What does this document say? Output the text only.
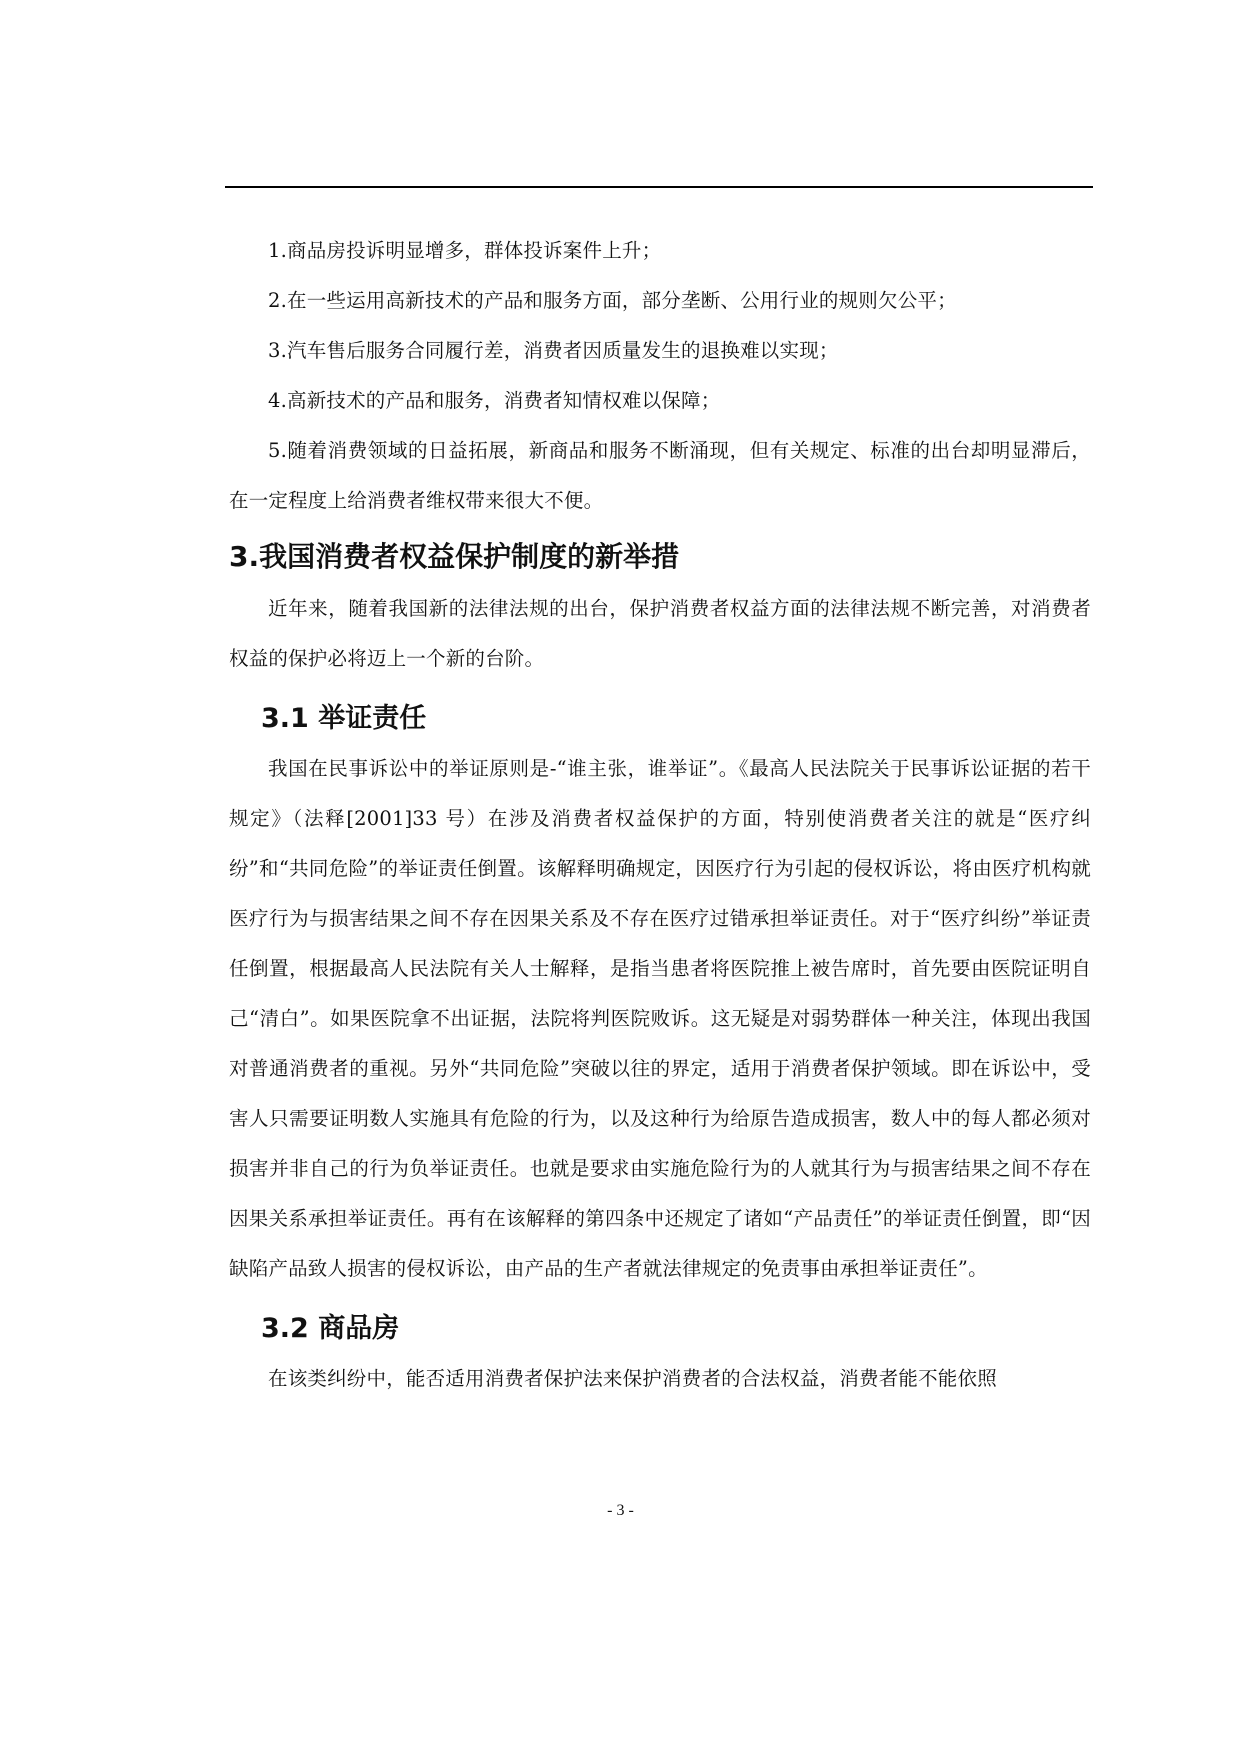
1.商品房投诉明显增多，群体投诉案件上升；

2.在一些运用高新技术的产品和服务方面，部分垄断、公用行业的规则欠公平；

3.汽车售后服务合同履行差，消费者因质量发生的退换难以实现；

4.高新技术的产品和服务，消费者知情权难以保障；

5.随着消费领域的日益拓展，新商品和服务不断涌现，但有关规定、标准的出台却明显滞后，在一定程度上给消费者维权带来很大不便。

3.我国消费者权益保护制度的新举措

近年来，随着我国新的法律法规的出台，保护消费者权益方面的法律法规不断完善，对消费者权益的保护必将迈上一个新的台阶。

3.1 举证责任

我国在民事诉讼中的举证原则是-“谁主张，谁举证”。《最高人民法院关于民事诉讼证据的若干规定》（法释[2001]33 号）在涉及消费者权益保护的方面，特别使消费者关注的就是“医疗纠纷”和“共同危险”的举证责任倒置。该解释明确规定，因医疗行为引起的侵权诉讼，将由医疗机构就医疗行为与损害结果之间不存在因果关系及不存在医疗过错承担举证责任。对于“医疗纠纷”举证责任倒置，根据最高人民法院有关人士解释，是指当患者将医院推上被告席时，首先要由医院证明自己“清白”。如果医院拿不出证据，法院将判医院败诉。这无疑是对弱势群体一种关注，体现出我国对普通消费者的重视。另外“共同危险”突破以往的界定，适用于消费者保护领域。即在诉讼中，受害人只需要证明数人实施具有危险的行为，以及这种行为给原告造成损害，数人中的每人都必须对损害并非自己的行为负举证责任。也就是要求由实施危险行为的人就其行为与损害结果之间不存在因果关系承担举证责任。再有在该解释的第四条中还规定了诸如“产品责任”的举证责任倒置，即“因缺陷产品致人损害的侵权诉讼，由产品的生产者就法律规定的免责事由承担举证责任”。

3.2 商品房

在该类纠纷中，能否适用消费者保护法来保护消费者的合法权益，消费者能不能依照

- 3 -
